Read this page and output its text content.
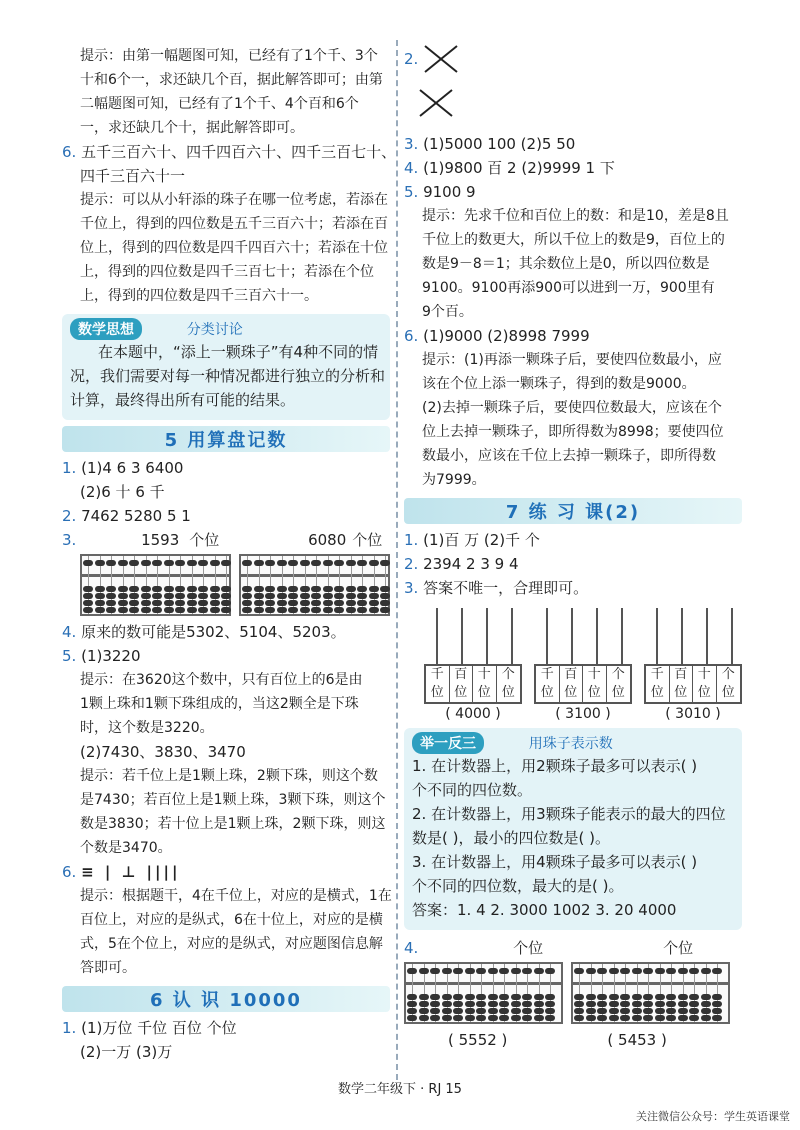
提示：由第一幅题图可知，已经有了1个千、3个
十和6个一，求还缺几个百，据此解答即可；由第
二幅题图可知，已经有了1个千、4个百和6个
一，求还缺几个十，据此解答即可。
6. 五千三百六十、四千四百六十、四千三百七十、
四千三百六十一
提示：可以从小轩添的珠子在哪一位考虑，若添在
千位上，得到的四位数是五千三百六十；若添在百
位上，得到的四位数是四千四百六十；若添在十位
上，得到的四位数是四千三百七十；若添在个位
上，得到的四位数是四千三百六十一。
数学思想	分类讨论
在本题中，“添上一颗珠子”有4种不同的情
况，我们需要对每一种情况都进行独立的分析和
计算，最终得出所有可能的结果。
5 用算盘记数
1. (1)4 6 3 6400
(2)6 十 6 千
2. 7462 5280 5 1
3.	1593 个位	6080 个位
4. 原来的数可能是5302、5104、5203。
5. (1)3220
提示：在3620这个数中，只有百位上的6是由
1颗上珠和1颗下珠组成的，当这2颗全是下珠
时，这个数是3220。
(2)7430、3830、3470
提示：若千位上是1颗上珠，2颗下珠，则这个数
是7430；若百位上是1颗上珠，3颗下珠，则这个
数是3830；若十位上是1颗上珠，2颗下珠，则这
个数是3470。
6. ≡ | ⊥ ||||
提示：根据题干，4在千位上，对应的是横式，1在
百位上，对应的是纵式，6在十位上，对应的是横
式，5在个位上，对应的是纵式，对应题图信息解
答即可。
6 认 识 10000
1. (1)万位 千位 百位 个位
(2)一万 (3)万
2.
3. (1)5000 100 (2)5 50
4. (1)9800 百 2 (2)9999 1 下
5. 9100 9
提示：先求千位和百位上的数：和是10，差是8且
千位上的数更大，所以千位上的数是9，百位上的
数是9－8＝1；其余数位上是0，所以四位数是
9100。9100再添900可以进到一万，900里有
9个百。
6. (1)9000 (2)8998 7999
提示：(1)再添一颗珠子后，要使四位数最小，应
该在个位上添一颗珠子，得到的数是9000。
(2)去掉一颗珠子后，要使四位数最大，应该在个
位上去掉一颗珠子，即所得数为8998；要使四位
数最小，应该在千位上去掉一颗珠子，即所得数
为7999。
7 练 习 课(2)
1. (1)百 万 (2)千 个
2. 2394 2 3 9 4
3. 答案不唯一，合理即可。
千位
百位
十位
个位
( 4000 )
千位
百位
十位
个位
( 3100 )
千位
百位
十位
个位
( 3010 )
举一反三	用珠子表示数
1. 在计数器上，用2颗珠子最多可以表示( )
个不同的四位数。
2. 在计数器上，用3颗珠子能表示的最大的四位
数是( )，最小的四位数是( )。
3. 在计数器上，用4颗珠子最多可以表示( )
个不同的四位数，最大的是( )。
答案：1. 4 2. 3000 1002 3. 20 4000
4.	个位	个位
( 5552 )	( 5453 )
数学二年级下 · RJ 15
关注微信公众号：学生英语课堂
